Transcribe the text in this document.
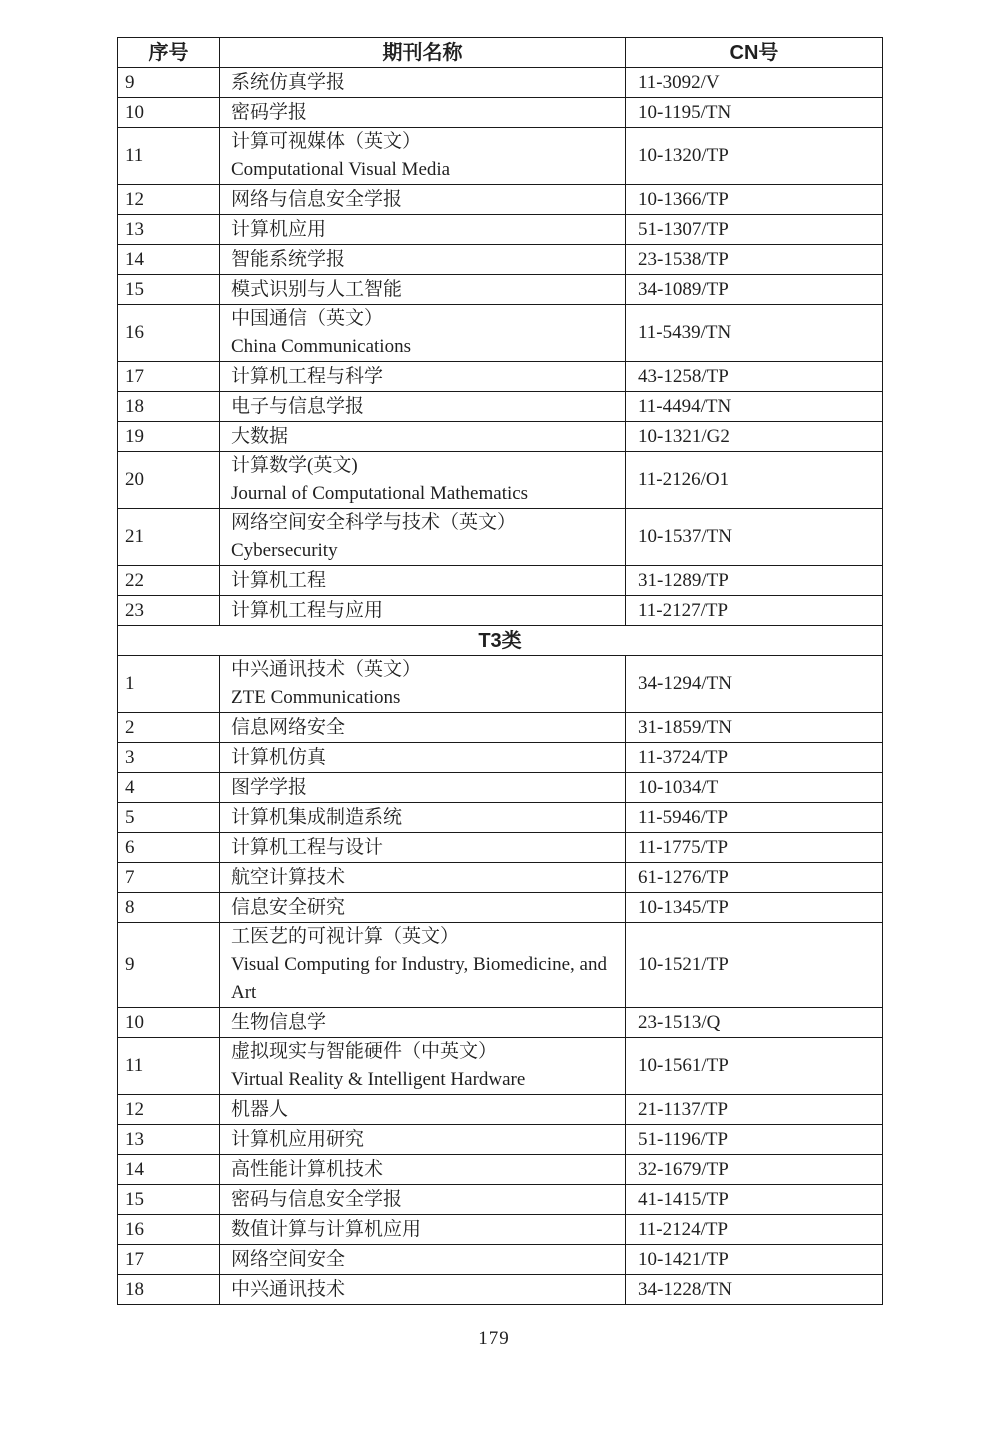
序号	期刊名称	CN号
9	系统仿真学报	11-3092/V
10	密码学报	10-1195/TN
11	计算可视媒体（英文）
Computational Visual Media	10-1320/TP
12	网络与信息安全学报	10-1366/TP
13	计算机应用	51-1307/TP
14	智能系统学报	23-1538/TP
15	模式识别与人工智能	34-1089/TP
16	中国通信（英文）
China Communications	11-5439/TN
17	计算机工程与科学	43-1258/TP
18	电子与信息学报	11-4494/TN
19	大数据	10-1321/G2
20	计算数学(英文)
Journal of Computational Mathematics	11-2126/O1
21	网络空间安全科学与技术（英文）
Cybersecurity	10-1537/TN
22	计算机工程	31-1289/TP
23	计算机工程与应用	11-2127/TP
T3类		
1	中兴通讯技术（英文）
ZTE Communications	34-1294/TN
2	信息网络安全	31-1859/TN
3	计算机仿真	11-3724/TP
4	图学学报	10-1034/T
5	计算机集成制造系统	11-5946/TP
6	计算机工程与设计	11-1775/TP
7	航空计算技术	61-1276/TP
8	信息安全研究	10-1345/TP
9	工医艺的可视计算（英文）
Visual Computing for Industry, Biomedicine, and Art	10-1521/TP
10	生物信息学	23-1513/Q
11	虚拟现实与智能硬件（中英文）
Virtual Reality & Intelligent Hardware	10-1561/TP
12	机器人	21-1137/TP
13	计算机应用研究	51-1196/TP
14	高性能计算机技术	32-1679/TP
15	密码与信息安全学报	41-1415/TP
16	数值计算与计算机应用	11-2124/TP
17	网络空间安全	10-1421/TP
18	中兴通讯技术	34-1228/TN
179
